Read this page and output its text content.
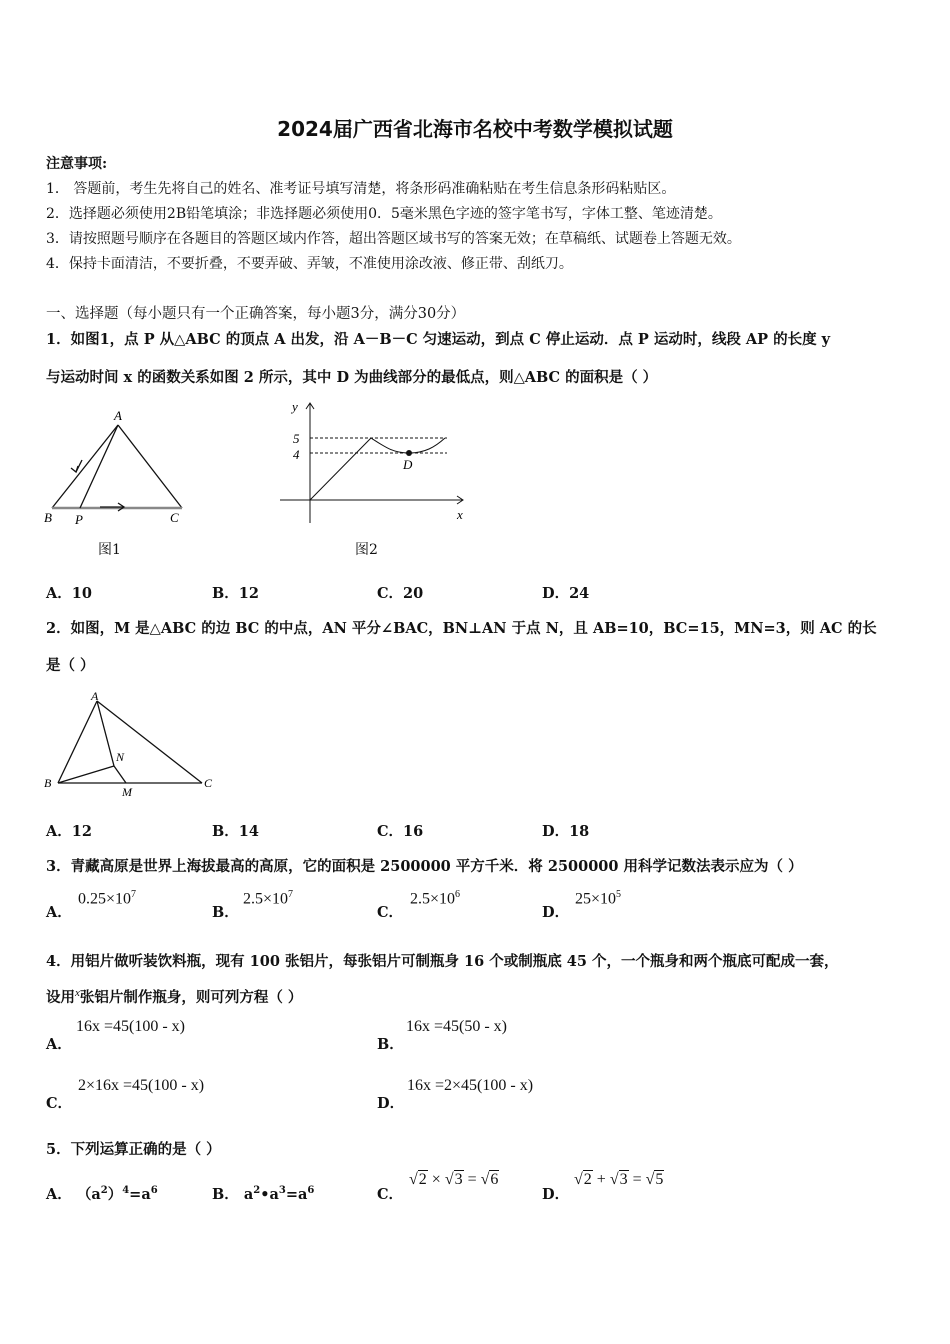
2024届广西省北海市名校中考数学模拟试题
注意事项:
1． 答题前，考生先将自己的姓名、准考证号填写清楚，将条形码准确粘贴在考生信息条形码粘贴区。
2．选择题必须使用2B铅笔填涂；非选择题必须使用0．5毫米黑色字迹的签字笔书写，字体工整、笔迹清楚。
3．请按照题号顺序在各题目的答题区域内作答，超出答题区域书写的答案无效；在草稿纸、试题卷上答题无效。
4．保持卡面清洁，不要折叠，不要弄破、弄皱，不准使用涂改液、修正带、刮纸刀。
一、选择题（每小题只有一个正确答案，每小题3分，满分30分）
1．如图1，点 P 从△ABC 的顶点 A 出发，沿 A－B－C 匀速运动，到点 C 停止运动．点 P 运动时，线段 AP 的长度 y
与运动时间 x 的函数关系如图 2 所示，其中 D 为曲线部分的最低点，则△ABC 的面积是（ ）
A
B P	C
图1
y
x
5
4
D
图2
A．10	B．12	C．20	D．24
2．如图，M 是△ABC 的边 BC 的中点，AN 平分∠BAC，BN⊥AN 于点 N，且 AB=10，BC=15，MN=3，则 AC 的长
是（ ）
A
B	C
N
M
A．12	B．14	C．16	D．18
3．青藏高原是世界上海拔最高的高原，它的面积是 2500000 平方千米．将 2500000 用科学记数法表示应为（ ）
A．
$0.25\times 10^7$
B．
$2.5\times 10^7$
C．
$2.5\times 10^6$
D．
$25\times 10^5$
4．用铝片做听装饮料瓶，现有 100 张铝片，每张铝片可制瓶身 16 个或制瓶底 45 个，一个瓶身和两个瓶底可配成一套，
设用$^x$张铝片制作瓶身，则可列方程（ ）
A．
16x =45(100 - x)
B．
16x =45(50 - x)
C．
2×16x =45(100 - x)
D．
16x =2×45(100 - x)
5．下列运算正确的是（ ）
A． $(a^2)^4=a^6$	B． $a^2•a^3=a^6$	C．
√2 × √3 = √6
D．
√2 + √3 = √5
